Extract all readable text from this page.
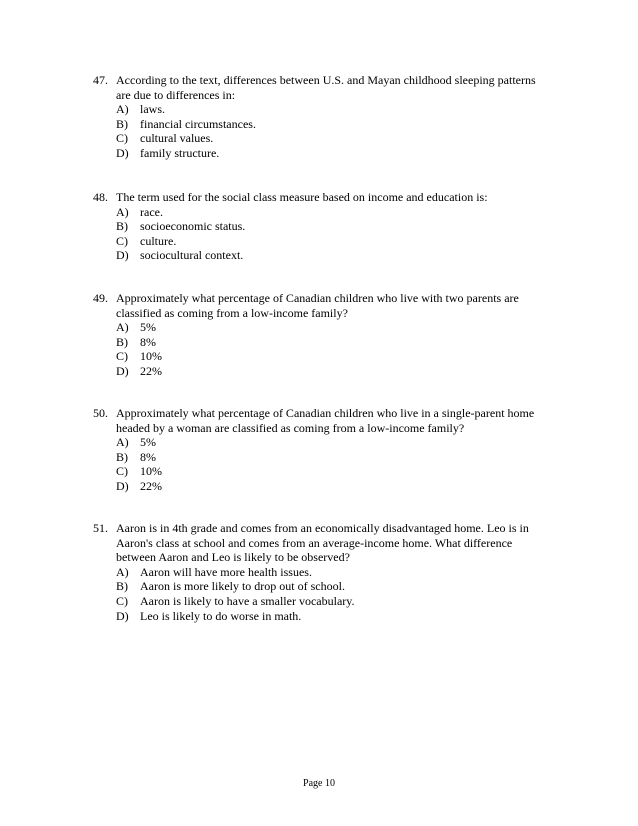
47. According to the text, differences between U.S. and Mayan childhood sleeping patterns
are due to differences in:
A) laws.
B)	financial circumstances.
C)	cultural values.
D) family structure.
48. The term used for the social class measure based on income and education is:
A) race.
B)	socioeconomic status.
C)	culture.
D) sociocultural context.
49. Approximately what percentage of Canadian children who live with two parents are
classified as coming from a low-income family?
A) 5%
B)	8%
C)	10%
D) 22%
50. Approximately what percentage of Canadian children who live in a single-parent home
headed by a woman are classified as coming from a low-income family?
A) 5%
B)	8%
C)	10%
D) 22%
51. Aaron is in 4th grade and comes from an economically disadvantaged home. Leo is in
Aaron's class at school and comes from an average-income home. What difference
between Aaron and Leo is likely to be observed?
A) Aaron will have more health issues.
B)	Aaron is more likely to drop out of school.
C)	Aaron is likely to have a smaller vocabulary.
D) Leo is likely to do worse in math.
Page 10
